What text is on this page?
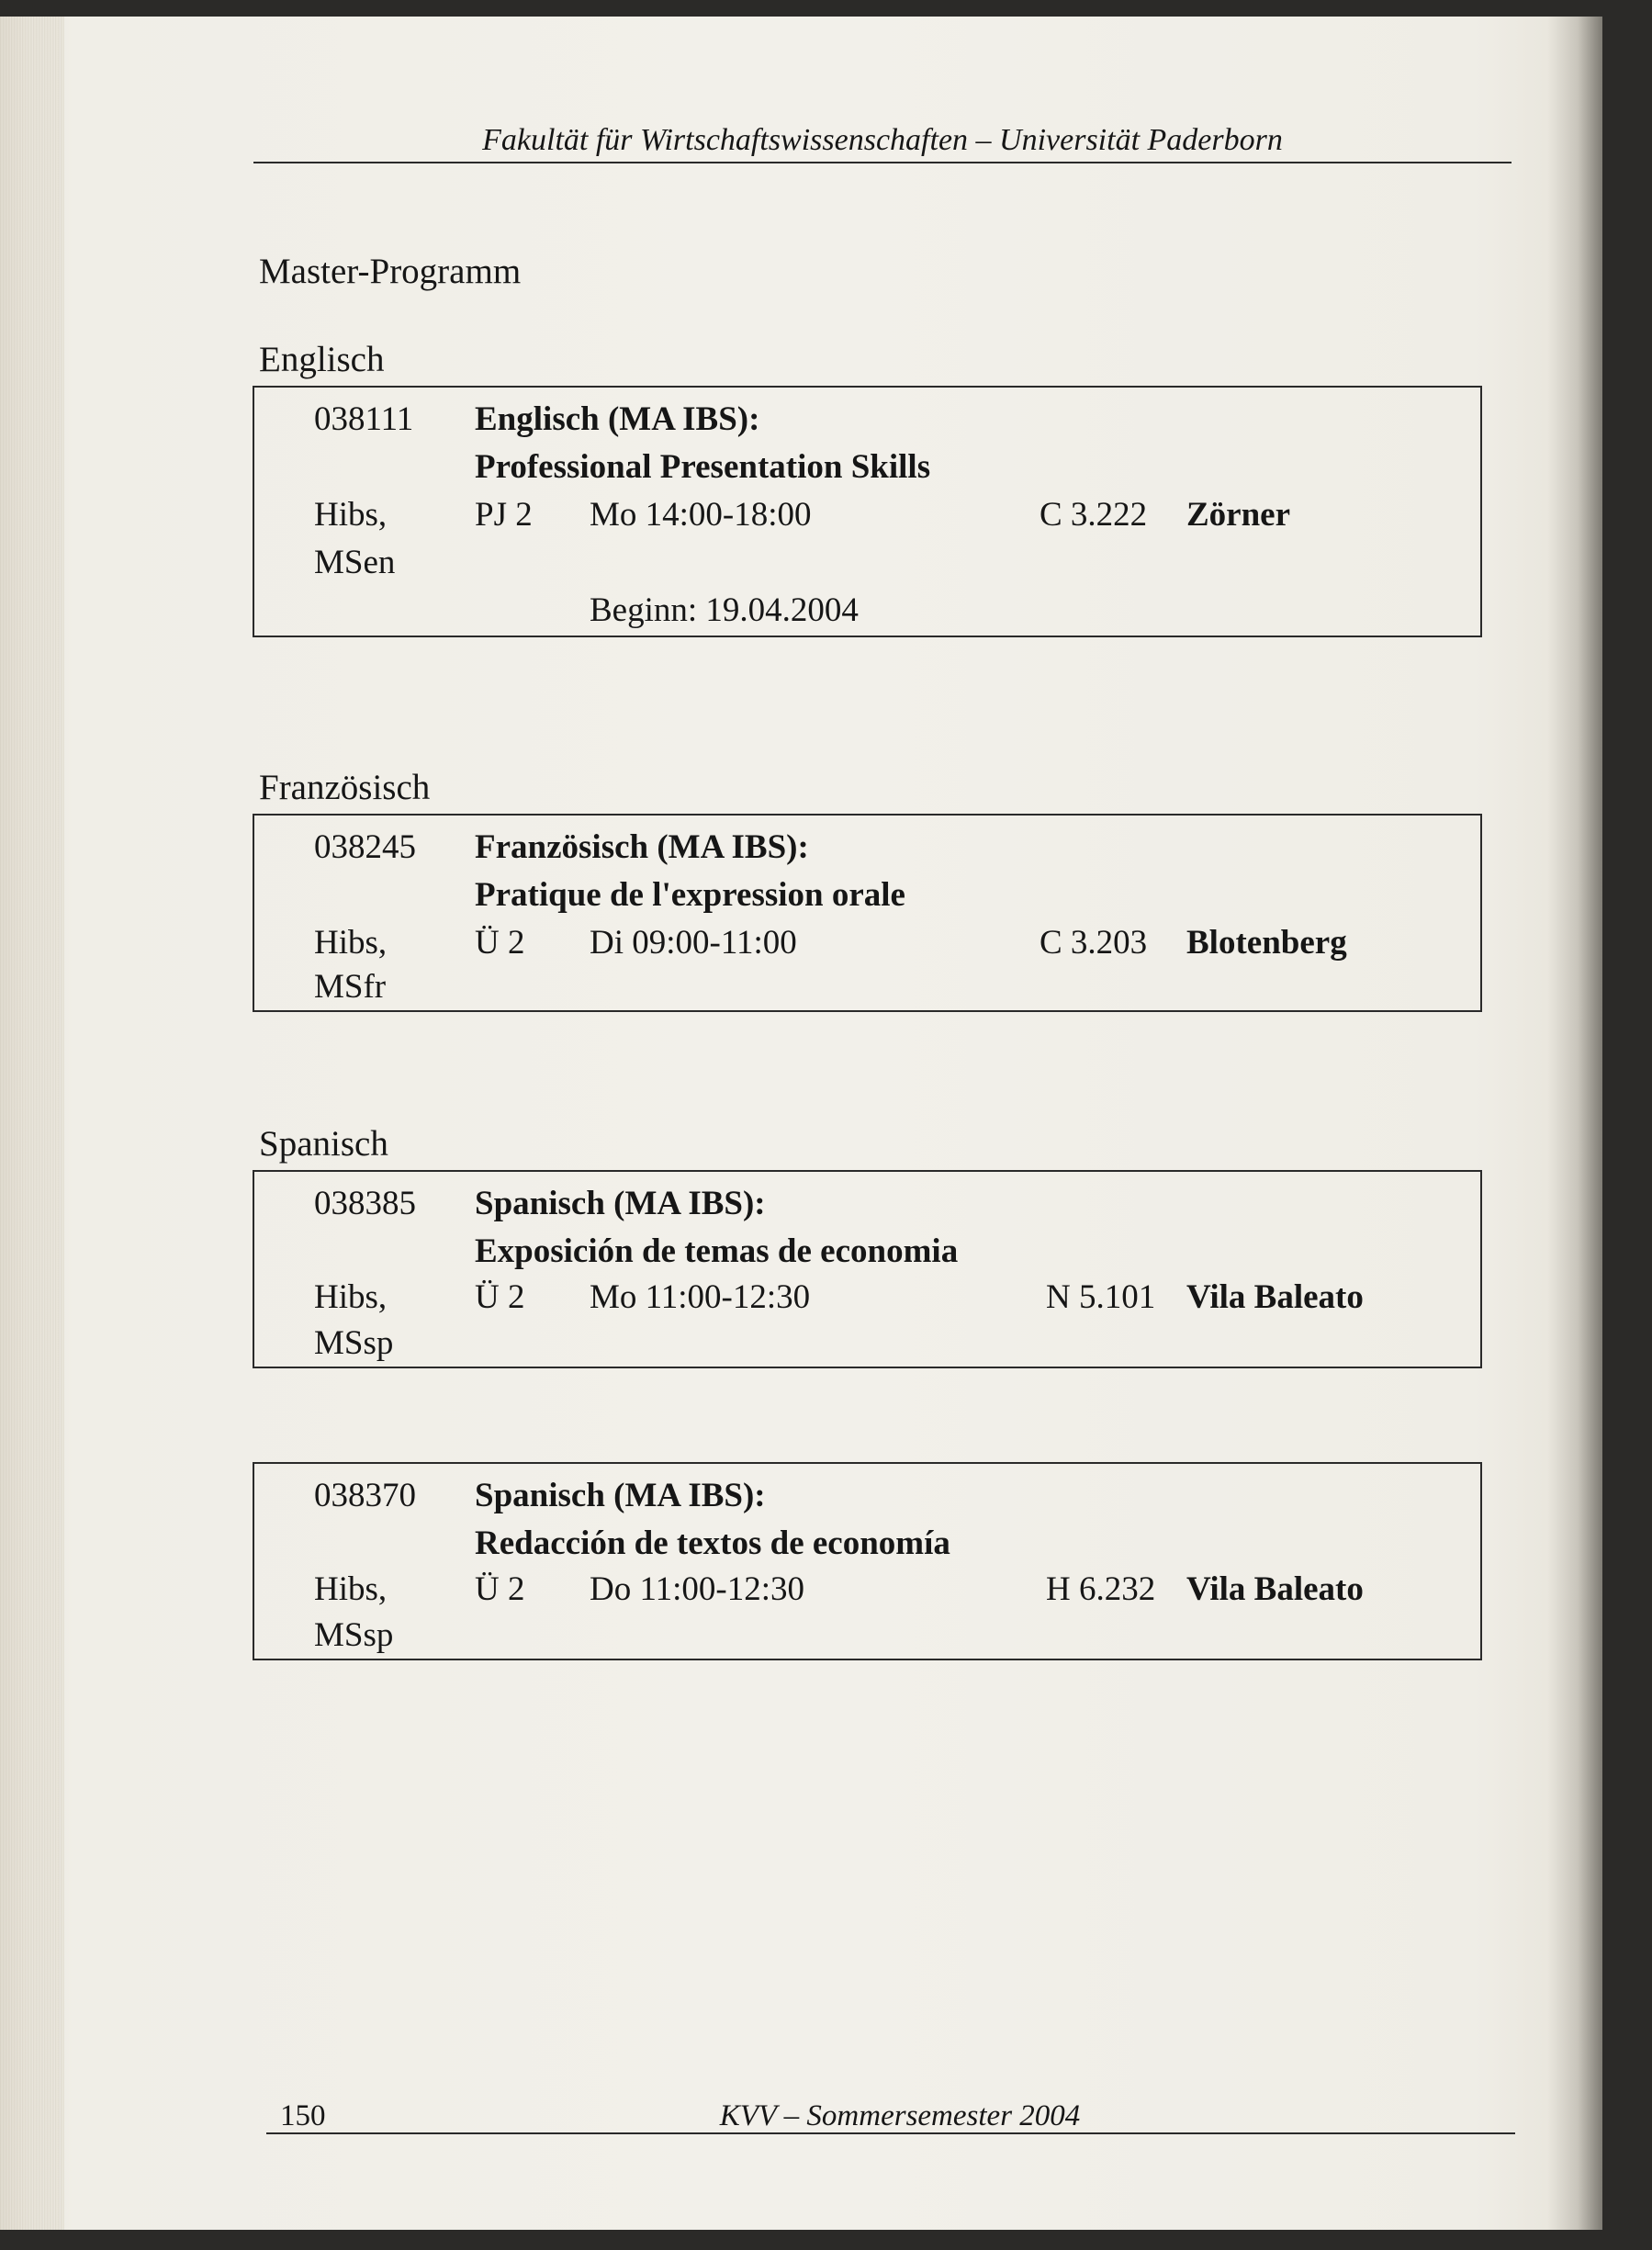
Fakultät für Wirtschaftswissenschaften – Universität Paderborn
Master-Programm
Englisch
038111 Englisch (MA IBS):
Professional Presentation Skills
Hibs,	PJ 2 Mo 14:00-18:00	C 3.222 Zörner
MSen
Beginn: 19.04.2004
Französisch
038245 Französisch (MA IBS):
Pratique de l'expression orale
Hibs,	Ü 2 Di 09:00-11:00	C 3.203 Blotenberg
MSfr
Spanisch
038385 Spanisch (MA IBS):
Exposición de temas de economia
Hibs,	Ü 2 Mo 11:00-12:30	N 5.101 Vila Baleato
MSsp
038370 Spanisch (MA IBS):
Redacción de textos de economía
Hibs,	Ü 2 Do 11:00-12:30	H 6.232 Vila Baleato
MSsp
150	KVV – Sommersemester 2004
